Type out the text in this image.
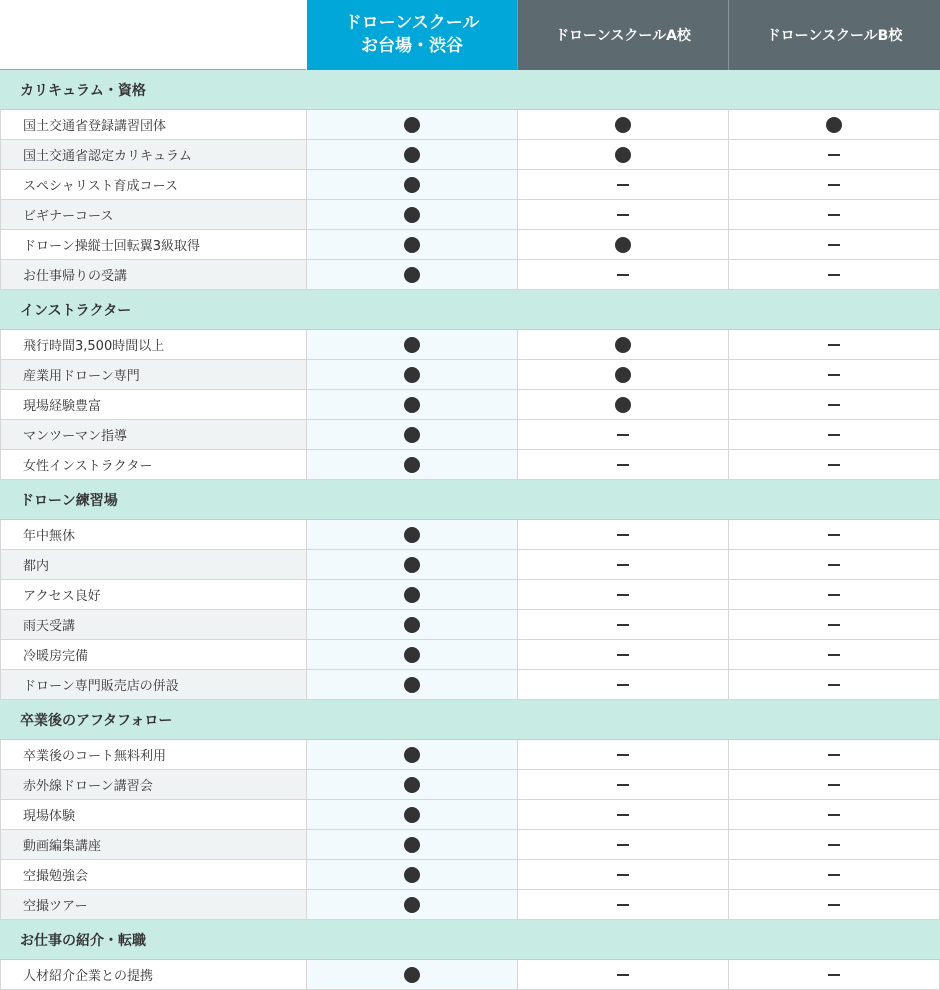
ドローンスクール
お台場・渋谷	ドローンスクールA校	ドローンスクールB校
カリキュラム・資格
国土交通省登録講習団体
国土交通省認定カリキュラム
スペシャリスト育成コース
ビギナーコース
ドローン操縦士回転翼3級取得
お仕事帰りの受講
インストラクター
飛行時間3,500時間以上
産業用ドローン専門
現場経験豊富
マンツーマン指導
女性インストラクター
ドローン練習場
年中無休
都内
アクセス良好
雨天受講
冷暖房完備
ドローン専門販売店の併設
卒業後のアフタフォロー
卒業後のコート無料利用
赤外線ドローン講習会
現場体験
動画編集講座
空撮勉強会
空撮ツアー
お仕事の紹介・転職
人材紹介企業との提携
